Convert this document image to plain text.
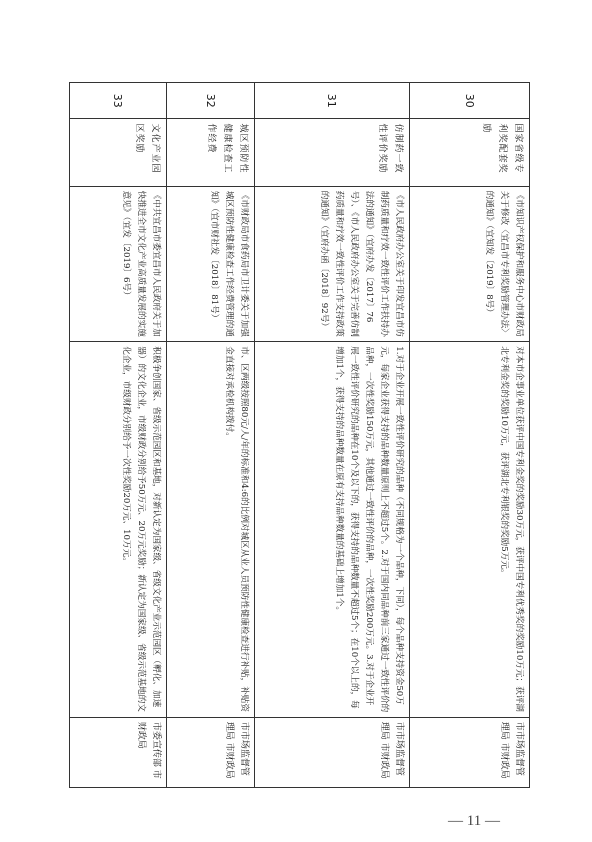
30	国家省级专利奖配套奖励	《市知识产权保护和服务中心市财政局关于修改〈宜昌市专利奖励管理办法〉的通知》（宜知发〔2019〕8号）	对本市企事业单位获评中国专利金奖的奖励30万元，获评中国专利优秀奖的奖励10万元；获评湖北专利金奖的奖励10万元，获评湖北专利银奖的奖励5万元。	市市场监督管理局 市财政局
31	仿制药一致性评价奖励	《市人民政府办公室关于印发宜昌市仿制药质量和疗效一致性评价工作扶持办法的通知》（宜府办发〔2017〕76号）、《市人民政府办公室关于完善仿制药质量和疗效一致性评价工作支持政策的通知》（宜府办函〔2018〕92号）	1.对于企业开展一致性评价研究的品种（不同规格为一个品种，下同），每个品种支持资金50万元，每家企业获得支持的品种数量原则上不超过5个。2.对于国内同品种前三家通过一致性评价的品种，一次性奖励150万元，其他通过一致性评价的品种，一次性奖励200万元。3.对于企业开展一致性评价研究的品种在10个及以下的，获得支持的品种数量不超过5个；在10个以上的，每增加1个，获得支持的品种数量在原有支持品种数量的基础上增加1个。	市市场监督管理局 市财政局
32	城区预防性健康检查工作经费	《市财政局市食药局市卫计委关于加强城区预防性健康检查工作经费管理的通知》（宜市财社发〔2018〕81号）	市、区两级按照80元/人/年的标准和4:6的比例对城区从业人员预防性健康检查进行补贴，补贴资金直接对承检机构拨付。	市市场监督管理局 市财政局
33	文化产业园区奖励	《中共宜昌市委宜昌市人民政府关于加快推进全市文化产业高质量发展的实施意见》（宜发〔2019〕6号）	积极争创国家、省级示范园区和基地，对新认定为国家级、省级文化产业示范园区（孵化、加速器）的文化企业，市级财政分别给予50万元、20万元奖励；新认定为国家级、省级示范基地的文化企业，市级财政分别给予一次性奖励20万元、10万元。	市委宣传部 市财政局
— 11 —
